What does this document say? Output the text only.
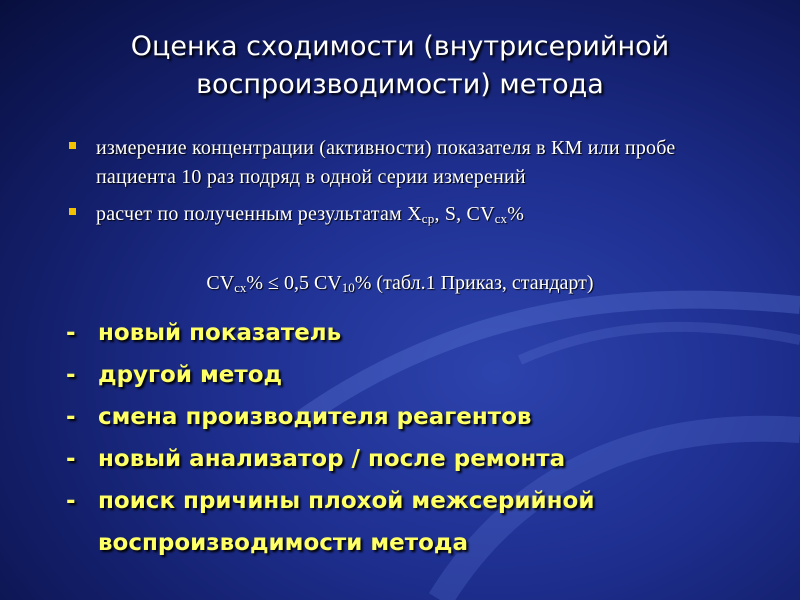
Оценка сходимости (внутрисерийной
воспроизводимости) метода
измерение концентрации (активности) показателя в КМ или пробе пациента 10 раз подряд в одной серии измерений
расчет по полученным результатам $X_{ср}$, S, $CV_{сх}\%$
$CV_{сх}\% \le 0,5$ $CV_{10}\%$ (табл.1 Приказ, стандарт)
- новый показатель
- другой метод
- смена производителя реагентов
- новый анализатор / после ремонта
- поиск причины плохой межсерийной воспроизводимости метода
